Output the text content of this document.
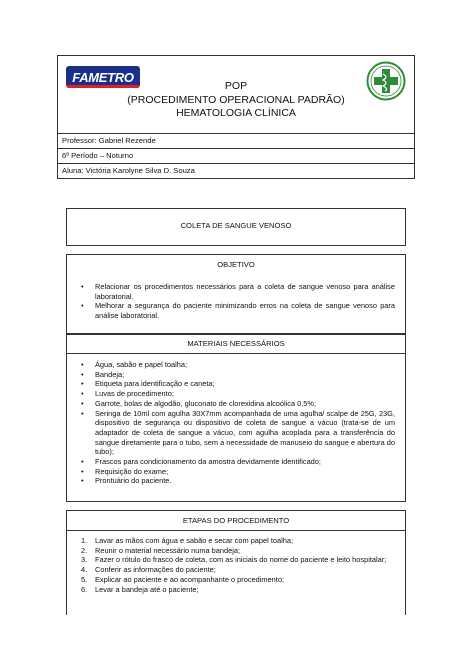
FAMETRO
POP
(PROCEDIMENTO OPERACIONAL PADRÃO)
HEMATOLOGIA CLÍNICA
Professor: Gabriel Rezende
6º Período – Noturno
Aluna: Victória Karolyne Silva D. Souza
COLETA DE SANGUE VENOSO
OBJETIVO
• Relacionar os procedimentos necessários para a coleta de sangue venoso para análise laboratorial.
• Melhorar a segurança do paciente minimizando erros na coleta de sangue venoso para análise laboratorial.
MATERIAIS NECESSÁRIOS
• Água, sabão e papel toalha;
• Bandeja;
• Etiqueta para identificação e caneta;
• Luvas de procedimento;
• Garrote, bolas de algodão, gluconato de clorexidina alcoólica 0,5%;
• Seringa de 10ml com agulha 30X7mm acompanhada de uma agulha/ scalpe de 25G, 23G, dispositivo de segurança ou dispositivo de coleta de sangue a vácuo (trata-se de um adaptador de coleta de sangue a vácuo, com agulha acoplada para a transferência do sangue diretamente para o tubo, sem a necessidade de manuseio do sangue e abertura do tubo);
• Frascos para condicionamento da amostra devidamente identificado;
• Requisição do exame;
• Prontuário do paciente.
ETAPAS DO PROCEDIMENTO
1. Lavar as mãos com água e sabão e secar com papel toalha;
2. Reunir o material necessário numa bandeja;
3. Fazer o rótulo do frasco de coleta, com as iniciais do nome do paciente e leito hospitalar;
4. Conferir as informações do paciente;
5. Explicar ao paciente e ao acompanhante o procedimento;
6. Levar a bandeja até o paciente;
